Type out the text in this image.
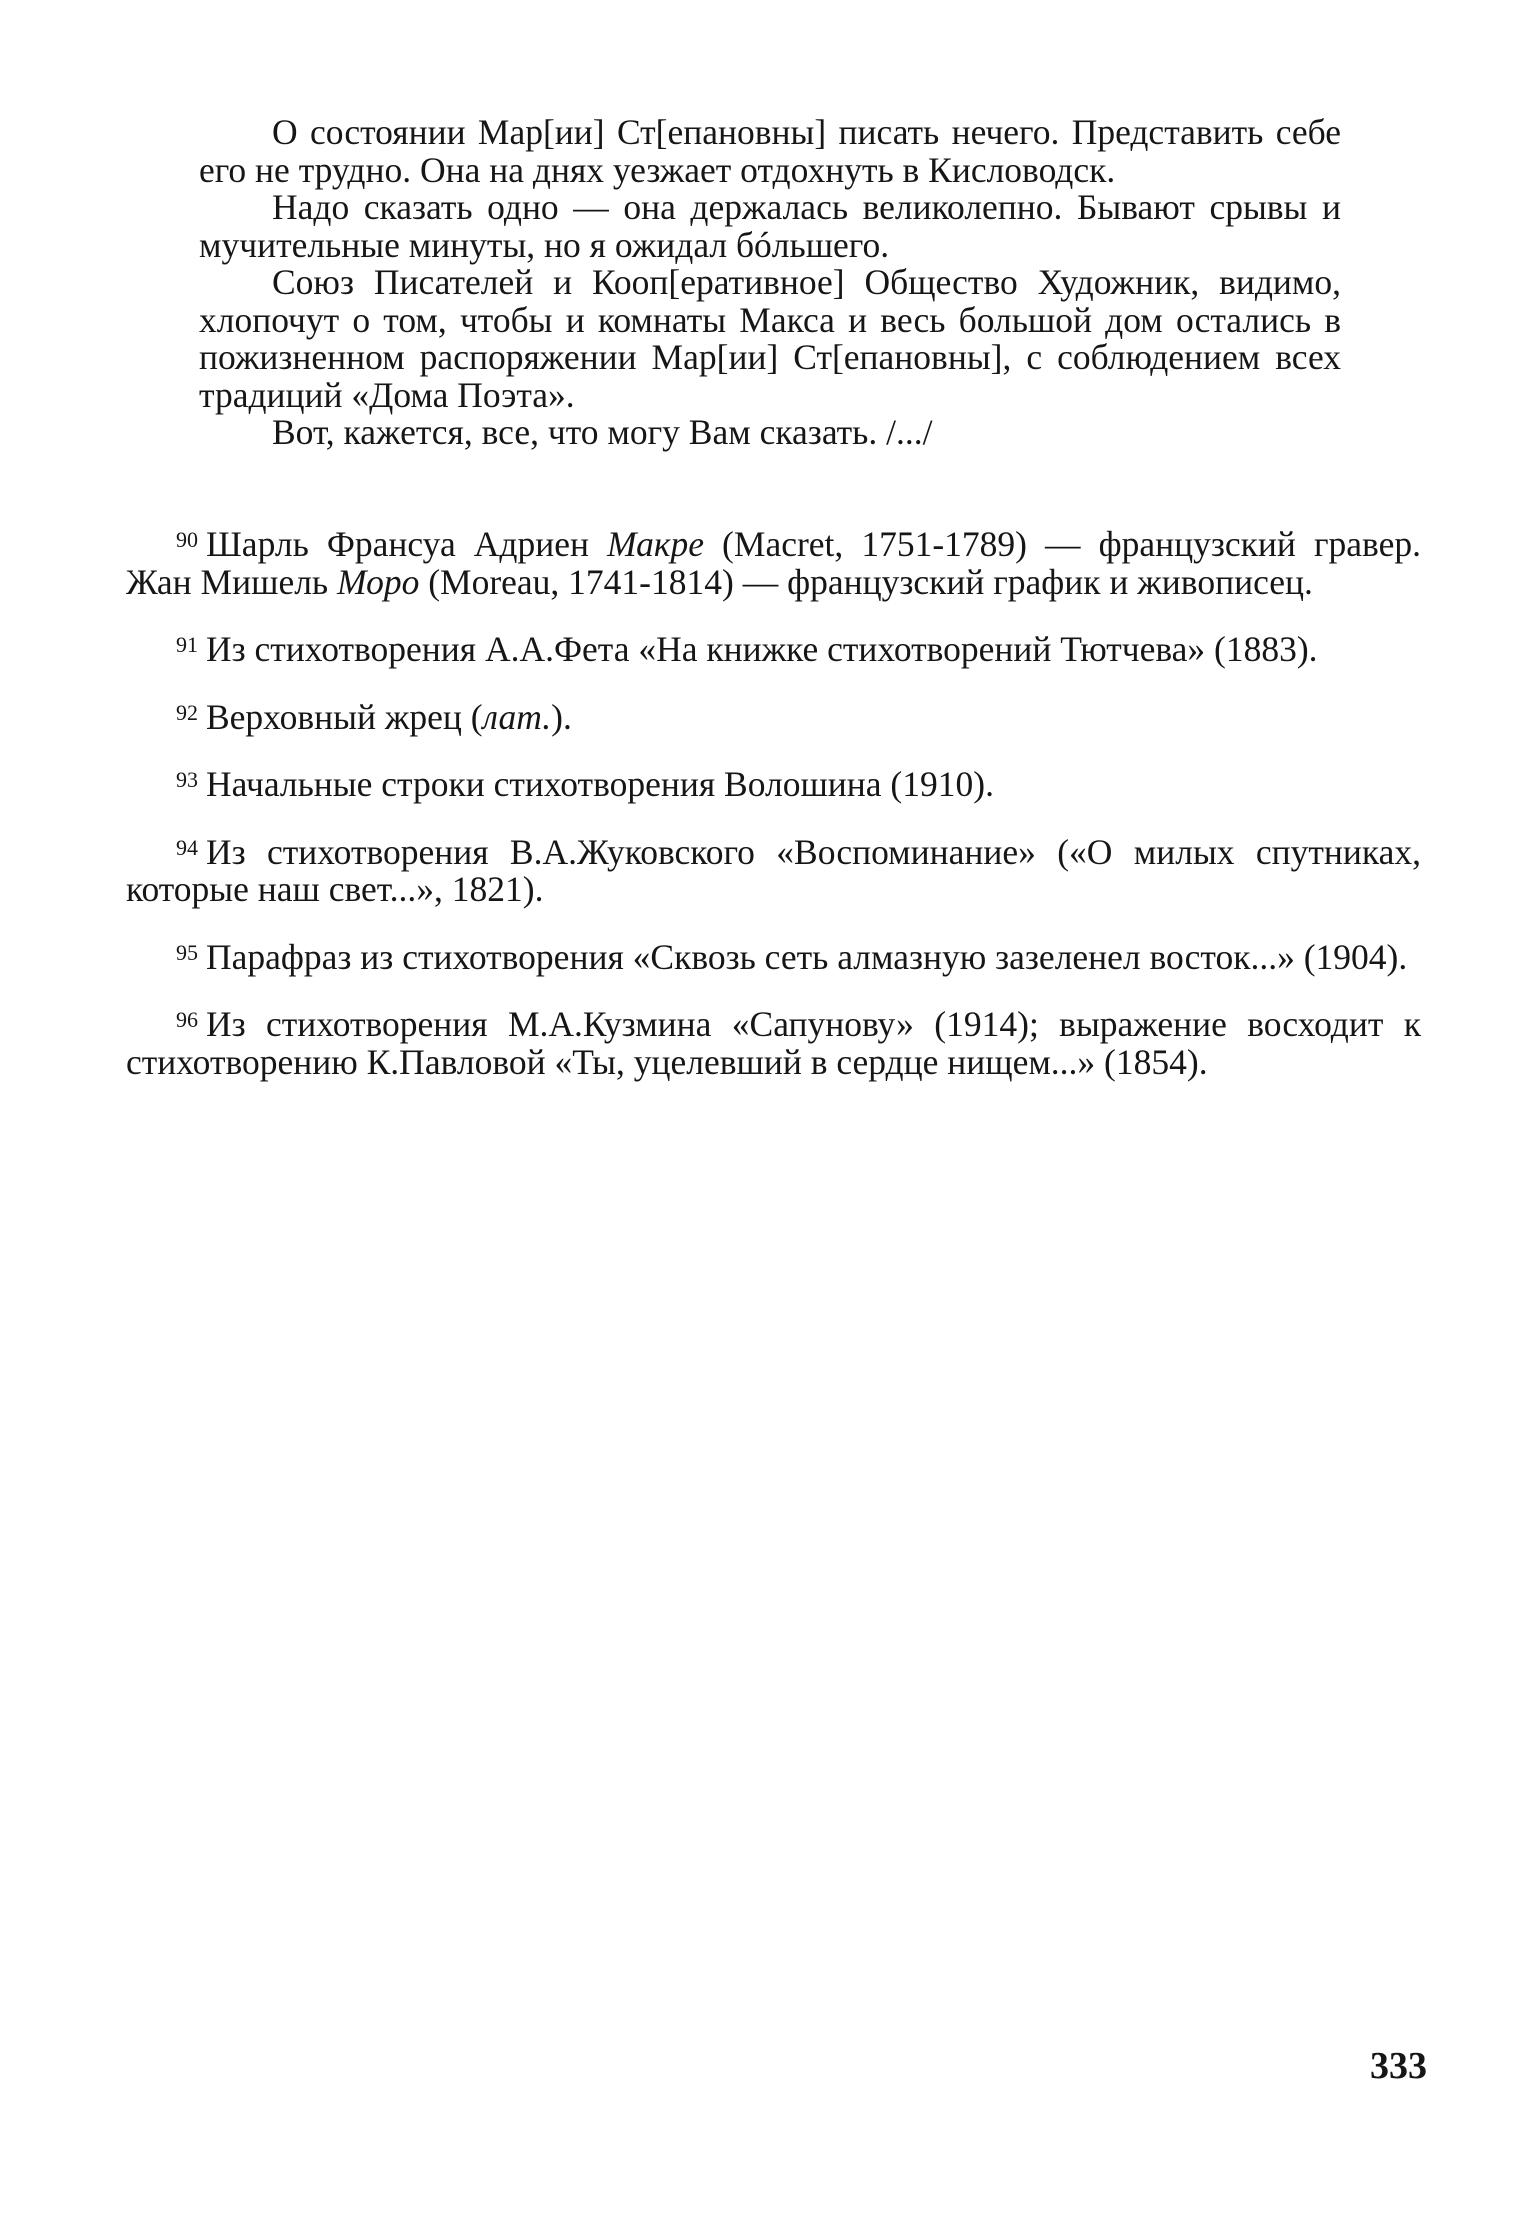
О состоянии Мар[ии] Ст[епановны] писать нечего. Представить себе его не трудно. Она на днях уезжает отдохнуть в Кисловодск.

Надо сказать одно — она держалась великолепно. Бывают срывы и мучительные минуты, но я ожидал бóльшего.

Союз Писателей и Кооп[еративное] Общество Художник, видимо, хлопочут о том, чтобы и комнаты Макса и весь большой дом остались в пожизненном распоряжении Мар[ии] Ст[епановны], с соблюдением всех традиций «Дома Поэта».

Вот, кажется, все, что могу Вам сказать. /.../

$^{90}$ Шарль Франсуа Адриен Макре (Macret, 1751-1789) — французский гравер. Жан Мишель Моро (Moreau, 1741-1814) — французский график и живописец.

$^{91}$ Из стихотворения А.А.Фета «На книжке стихотворений Тютчева» (1883).

$^{92}$ Верховный жрец (лат.).

$^{93}$ Начальные строки стихотворения Волошина (1910).

$^{94}$ Из стихотворения В.А.Жуковского «Воспоминание» («О милых спутниках, которые наш свет...», 1821).

$^{95}$ Парафраз из стихотворения «Сквозь сеть алмазную зазеленел восток...» (1904).

$^{96}$ Из стихотворения М.А.Кузмина «Сапунову» (1914); выражение восходит к стихотворению К.Павловой «Ты, уцелевший в сердце нищем...» (1854).

333
